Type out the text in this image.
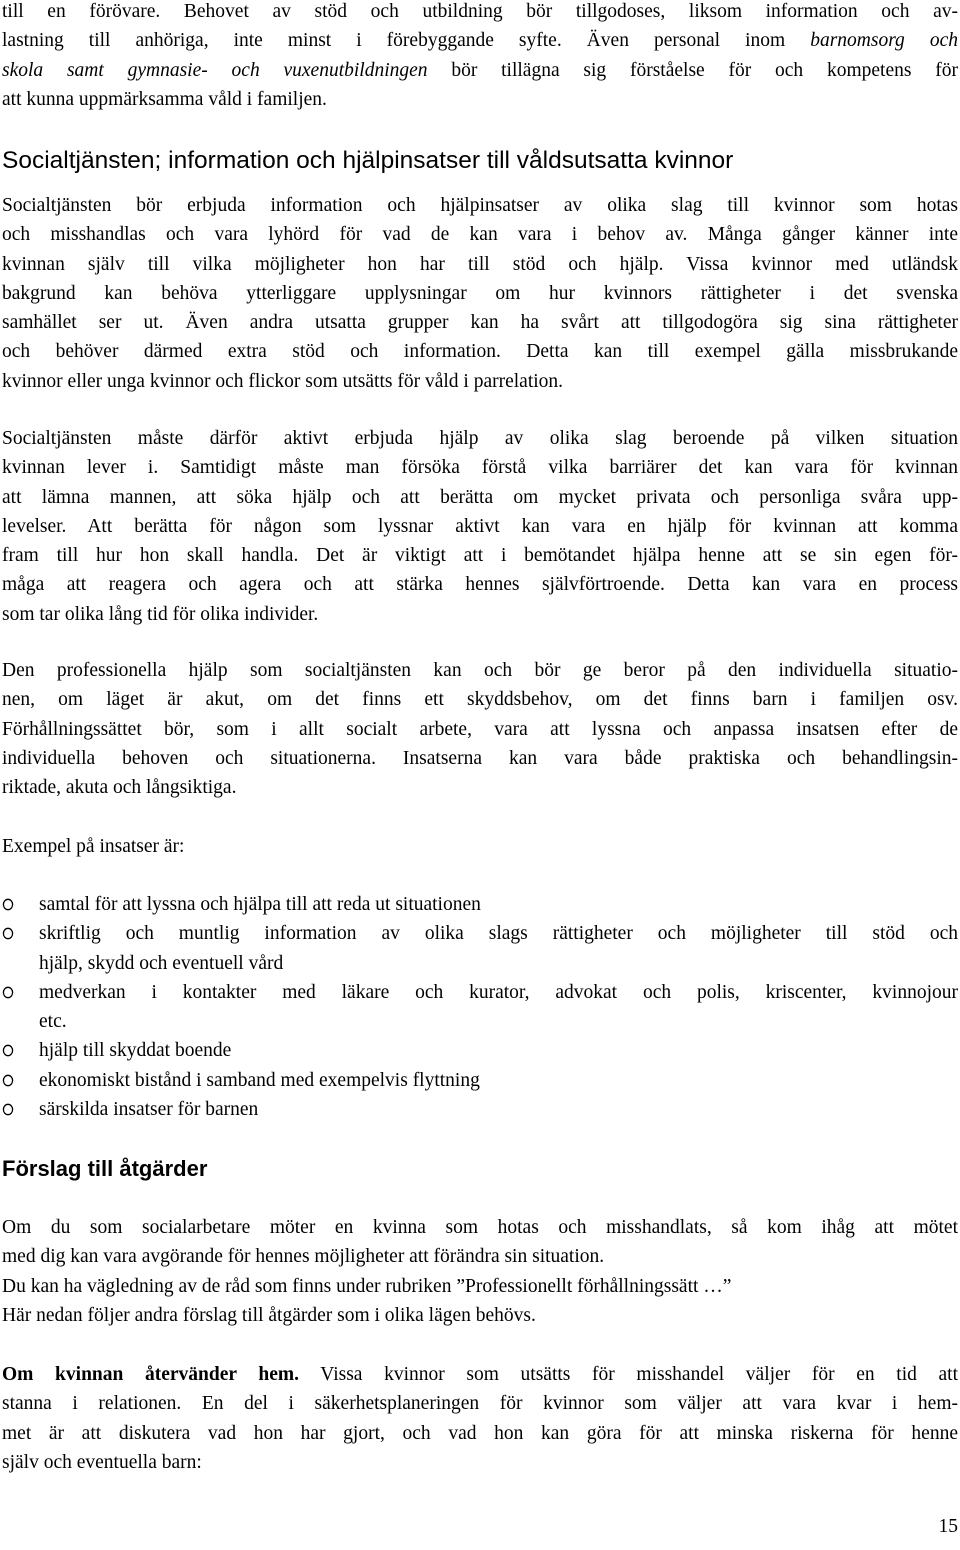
till en förövare. Behovet av stöd och utbildning bör tillgodoses, liksom information och av-
lastning till anhöriga, inte minst i förebyggande syfte. Även personal inom barnomsorg och
skola samt gymnasie- och vuxenutbildningen bör tillägna sig förståelse för och kompetens för
att kunna uppmärksamma våld i familjen.
Socialtjänsten; information och hjälpinsatser till våldsutsatta kvinnor
Socialtjänsten bör erbjuda information och hjälpinsatser av olika slag till kvinnor som hotas
och misshandlas och vara lyhörd för vad de kan vara i behov av. Många gånger känner inte
kvinnan själv till vilka möjligheter hon har till stöd och hjälp. Vissa kvinnor med utländsk
bakgrund kan behöva ytterliggare upplysningar om hur kvinnors rättigheter i det svenska
samhället ser ut. Även andra utsatta grupper kan ha svårt att tillgodogöra sig sina rättigheter
och behöver därmed extra stöd och information. Detta kan till exempel gälla missbrukande
kvinnor eller unga kvinnor och flickor som utsätts för våld i parrelation.
Socialtjänsten måste därför aktivt erbjuda hjälp av olika slag beroende på vilken situation
kvinnan lever i. Samtidigt måste man försöka förstå vilka barriärer det kan vara för kvinnan
att lämna mannen, att söka hjälp och att berätta om mycket privata och personliga svåra upp-
levelser. Att berätta för någon som lyssnar aktivt kan vara en hjälp för kvinnan att komma
fram till hur hon skall handla. Det är viktigt att i bemötandet hjälpa henne att se sin egen för-
måga att reagera och agera och att stärka hennes självförtroende. Detta kan vara en process
som tar olika lång tid för olika individer.
Den professionella hjälp som socialtjänsten kan och bör ge beror på den individuella situatio-
nen, om läget är akut, om det finns ett skyddsbehov, om det finns barn i familjen osv.
Förhållningssättet bör, som i allt socialt arbete, vara att lyssna och anpassa insatsen efter de
individuella behoven och situationerna. Insatserna kan vara både praktiska och behandlingsin-
riktade, akuta och långsiktiga.
Exempel på insatser är:
samtal för att lyssna och hjälpa till att reda ut situationen
skriftlig och muntlig information av olika slags rättigheter och möjligheter till stöd och
hjälp, skydd och eventuell vård
medverkan i kontakter med läkare och kurator, advokat och polis, kriscenter, kvinnojour
etc.
hjälp till skyddat boende
ekonomiskt bistånd i samband med exempelvis flyttning
särskilda insatser för barnen
Förslag till åtgärder
Om du som socialarbetare möter en kvinna som hotas och misshandlats, så kom ihåg att mötet
med dig kan vara avgörande för hennes möjligheter att förändra sin situation.
Du kan ha vägledning av de råd som finns under rubriken ”Professionellt förhållningssätt …”
Här nedan följer andra förslag till åtgärder som i olika lägen behövs.
Om kvinnan återvänder hem. Vissa kvinnor som utsätts för misshandel väljer för en tid att
stanna i relationen. En del i säkerhetsplaneringen för kvinnor som väljer att vara kvar i hem-
met är att diskutera vad hon har gjort, och vad hon kan göra för att minska riskerna för henne
själv och eventuella barn:
15
